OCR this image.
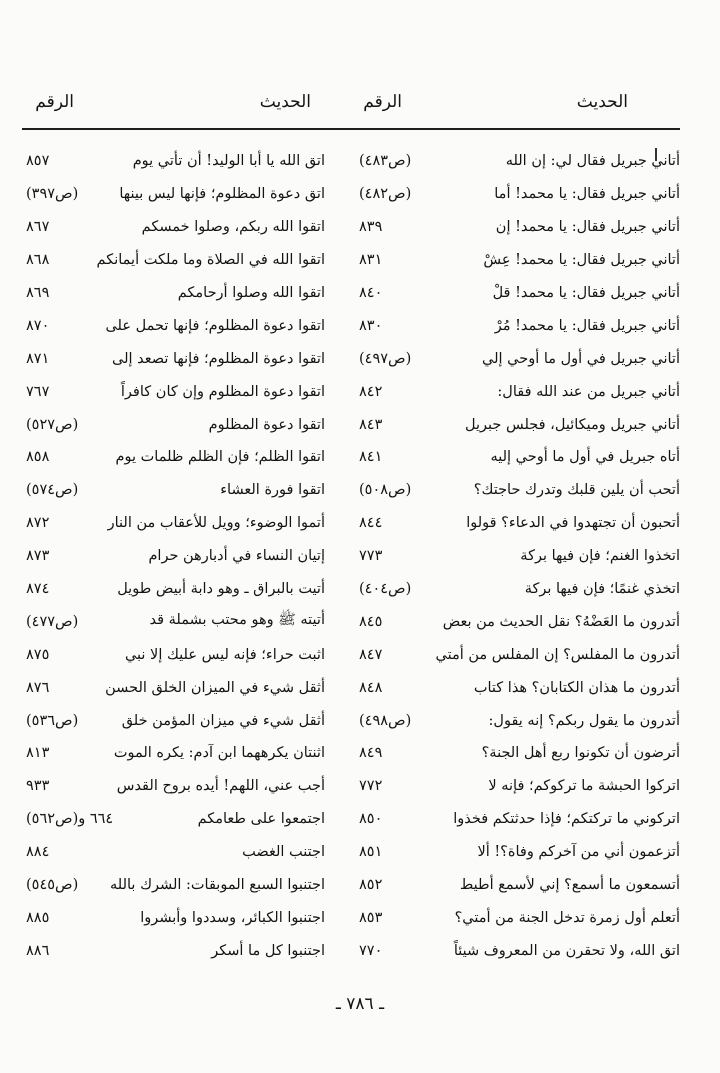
الحديث
الرقم
الحديث
الرقم
أتاني جبريل فقال لي: إن الله
(ص٤٨٣)
أتاني جبريل فقال: يا محمد! أما
(ص٤٨٢)
أتاني جبريل فقال: يا محمد! إن
٨٣٩
أتاني جبريل فقال: يا محمد! عِشْ
٨٣١
أتاني جبريل فقال: يا محمد! قلْ
٨٤٠
أتاني جبريل فقال: يا محمد! مُرْ
٨٣٠
أتاني جبريل في أول ما أوحي إلي
(ص٤٩٧)
أتاني جبريل من عند الله فقال:
٨٤٢
أتاني جبريل وميكائيل، فجلس جبريل
٨٤٣
أتاه جبريل في أول ما أوحي إليه
٨٤١
أتحب أن يلين قلبك وتدرك حاجتك؟
(ص٥٠٨)
أتحبون أن تجتهدوا في الدعاء؟ قولوا
٨٤٤
اتخذوا الغنم؛ فإن فيها بركة
٧٧٣
اتخذي غنمًا؛ فإن فيها بركة
(ص٤٠٤)
أتدرون ما العَضْهُ؟ نقل الحديث من بعض
٨٤٥
أتدرون ما المفلس؟ إن المفلس من أمتي
٨٤٧
أتدرون ما هذان الكتابان؟ هذا كتاب
٨٤٨
أتدرون ما يقول ربكم؟ إنه يقول:
(ص٤٩٨)
أترضون أن تكونوا ربع أهل الجنة؟
٨٤٩
اتركوا الحبشة ما تركوكم؛ فإنه لا
٧٧٢
اتركوني ما تركتكم؛ فإذا حدثتكم فخذوا
٨٥٠
أتزعمون أني من آخركم وفاة؟! ألا
٨٥١
أتسمعون ما أسمع؟ إني لأسمع أطيط
٨٥٢
أتعلم أول زمرة تدخل الجنة من أمتي؟
٨٥٣
اتق الله، ولا تحقرن من المعروف شيئاً
٧٧٠
اتق الله يا أبا الوليد! أن تأتي يوم
٨٥٧
اتق دعوة المظلوم؛ فإنها ليس بينها
(ص٣٩٧)
اتقوا الله ربكم، وصلوا خمسكم
٨٦٧
اتقوا الله في الصلاة وما ملكت أيمانكم
٨٦٨
اتقوا الله وصلوا أرحامكم
٨٦٩
اتقوا دعوة المظلوم؛ فإنها تحمل على
٨٧٠
اتقوا دعوة المظلوم؛ فإنها تصعد إلى
٨٧١
اتقوا دعوة المظلوم وإن كان كافراً
٧٦٧
اتقوا دعوة المظلوم
(ص٥٢٧)
اتقوا الظلم؛ فإن الظلم ظلمات يوم
٨٥٨
اتقوا فورة العشاء
(ص٥٧٤)
أتموا الوضوء؛ وويل للأعقاب من النار
٨٧٢
إتيان النساء في أدبارهن حرام
٨٧٣
أتيت بالبراق ـ وهو دابة أبيض طويل
٨٧٤
أتيته ﷺ وهو محتب بشملة قد
(ص٤٧٧)
اثبت حراء؛ فإنه ليس عليك إلا نبي
٨٧٥
أثقل شيء في الميزان الخلق الحسن
٨٧٦
أثقل شيء في ميزان المؤمن خلق
(ص٥٣٦)
اثنتان يكرههما ابن آدم: يكره الموت
٨١٣
أجب عني، اللهم! أيده بروح القدس
٩٣٣
اجتمعوا على طعامكم
٦٦٤ و(ص٥٦٢)
اجتنب الغضب
٨٨٤
اجتنبوا السبع الموبقات: الشرك بالله
(ص٥٤٥)
اجتنبوا الكبائر، وسددوا وأبشروا
٨٨٥
اجتنبوا كل ما أسكر
٨٨٦
ـ ٧٨٦ ـ
